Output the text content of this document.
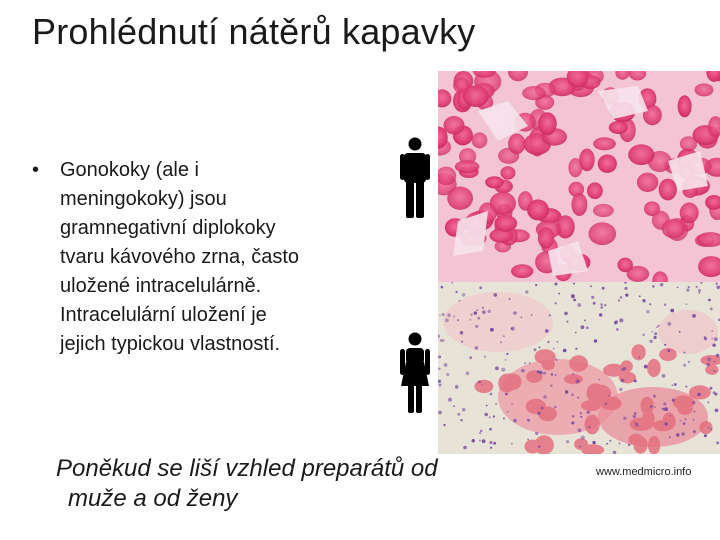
Prohlédnutí nátěrů kapavky
•	Gonokoky (ale i
meningokoky) jsou
gramnegativní diplokoky
tvaru kávového zrna, často
uložené intracelulárně.
Intracelulární uložení je
jejich typickou vlastností.
Poněkud se liší vzhled preparátů od
muže a od ženy
www.medmicro.info
